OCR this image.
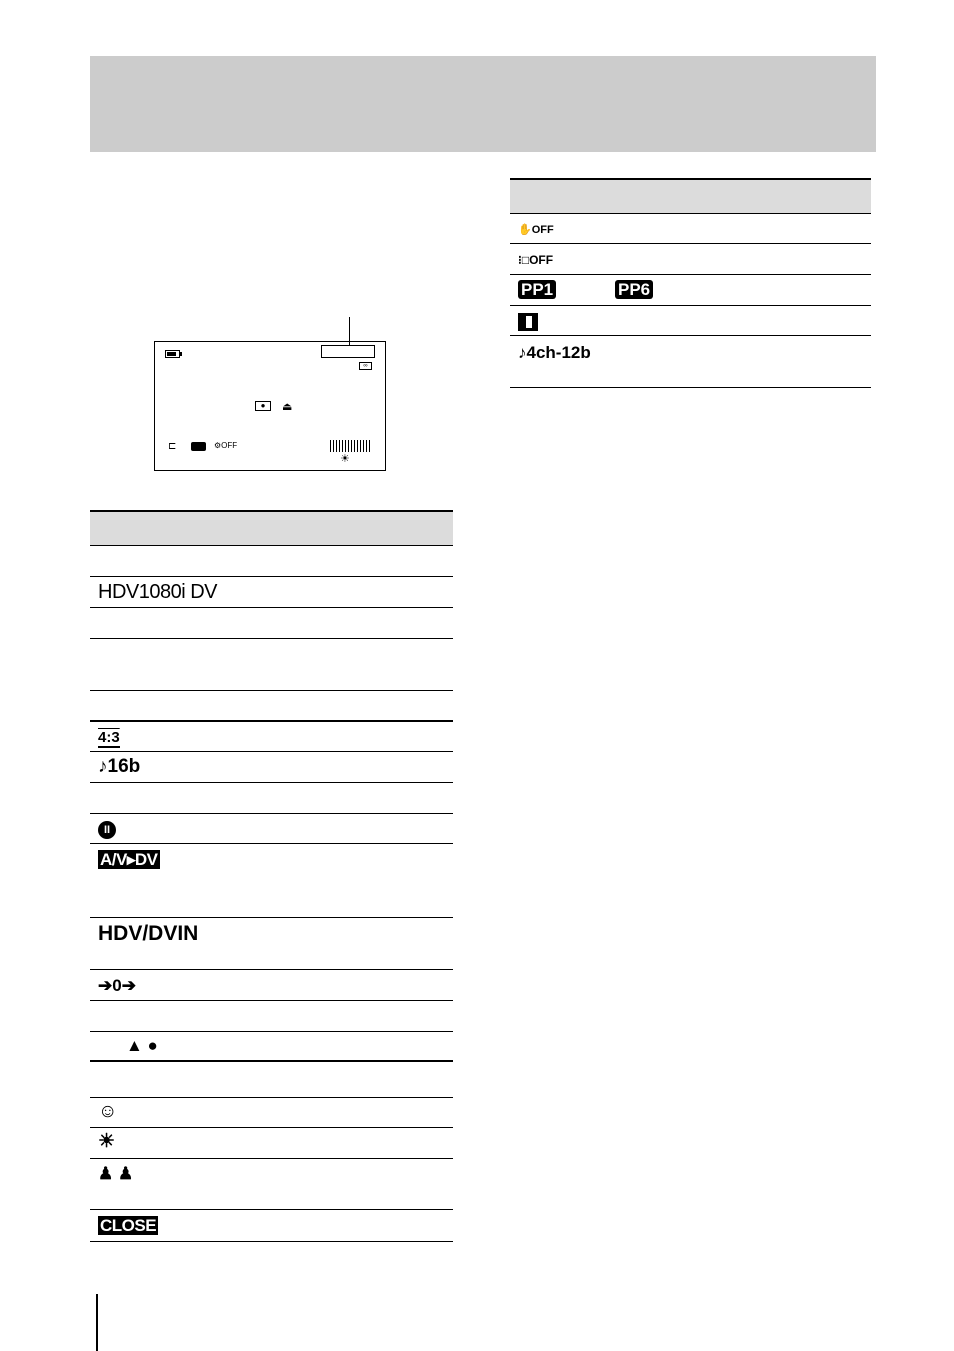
∞
●	⏏
⊏	⚙OFF
☀
HDV1080i DV
4:3
♪16b
II
A/V▸DV
HDV/DVIN
➔0➔
▲ ●
☺
☀
♟ ♟
CLOSE
✋OFF
⁝□OFF
PP1	PP6
♪4ch-12b
